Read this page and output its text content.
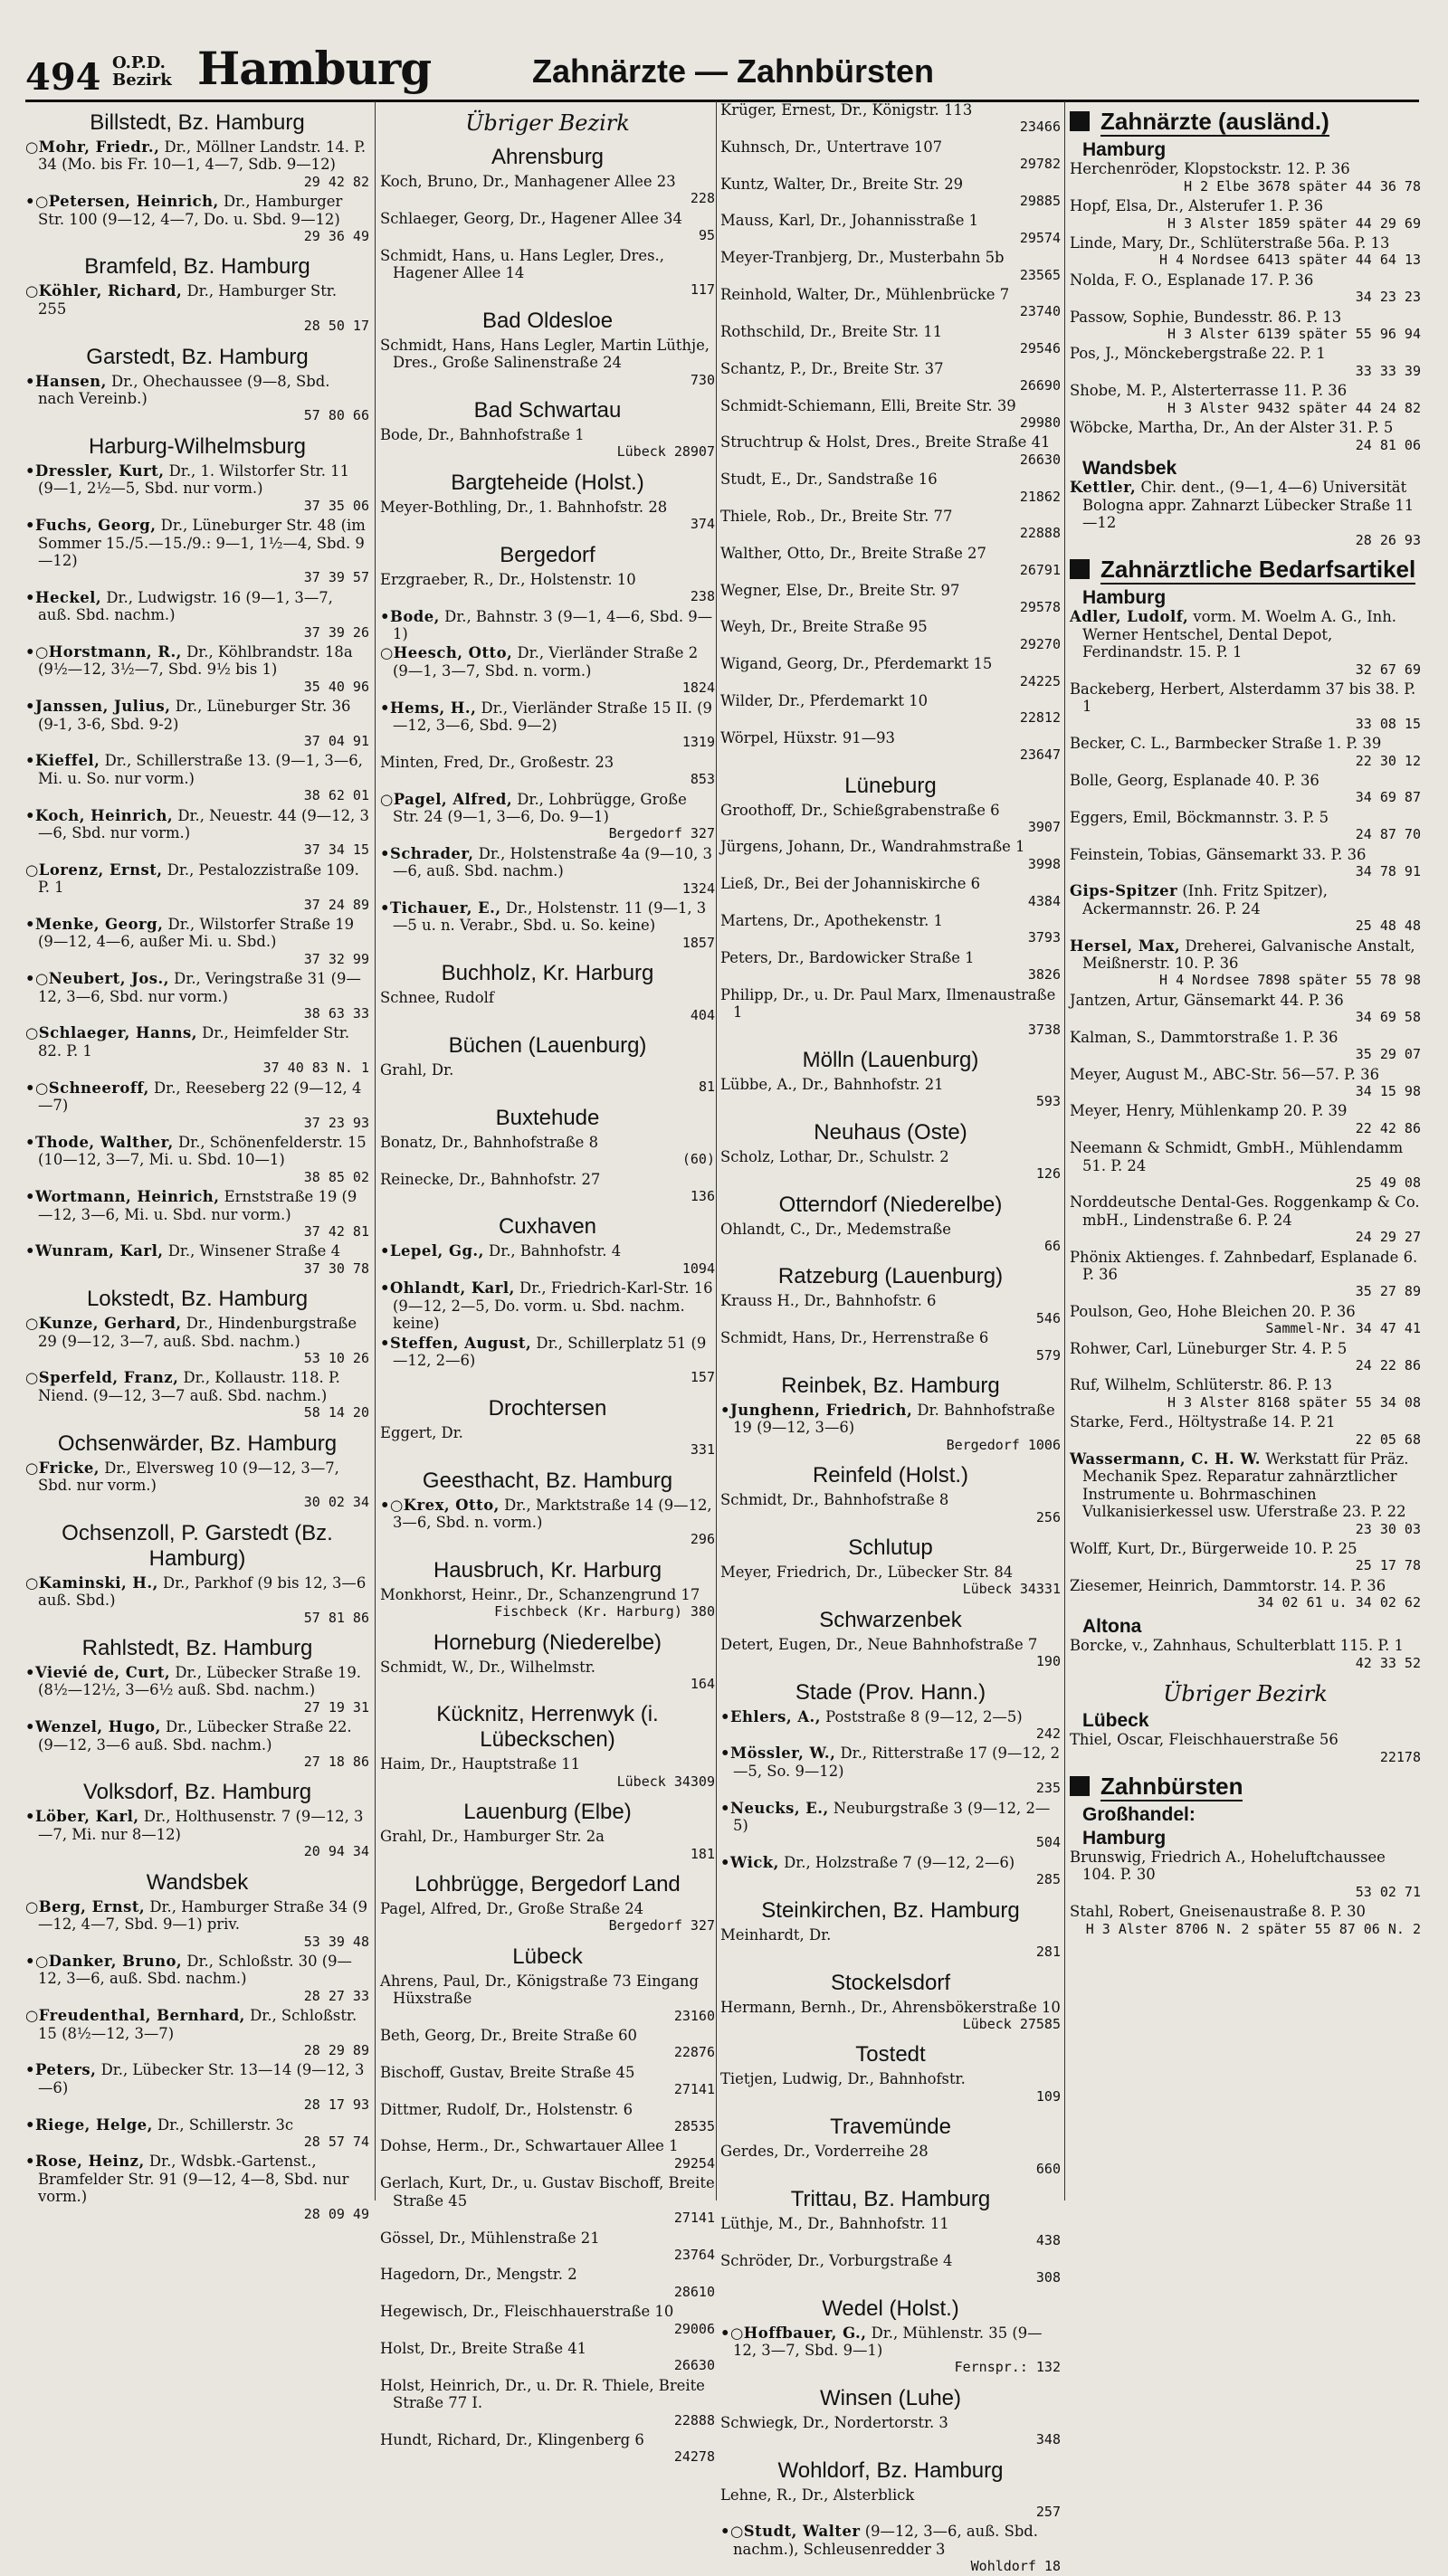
494 O.P.D.
Bezirk Hamburg	Zahnärzte — Zahnbürsten
Billstedt, Bz. Hamburg
○Mohr, Friedr., Dr., Möllner Landstr. 14. P. 34 (Mo. bis Fr. 10—1, 4—7, Sdb. 9—12)
29 42 82
•○Petersen, Heinrich, Dr., Hamburger Str. 100 (9—12, 4—7, Do. u. Sbd. 9—12)
29 36 49
Bramfeld, Bz. Hamburg
○Köhler, Richard, Dr., Hamburger Str. 255
28 50 17
Garstedt, Bz. Hamburg
•Hansen, Dr., Ohechaussee (9—8, Sbd. nach Vereinb.)
57 80 66
Harburg-Wilhelmsburg
•Dressler, Kurt, Dr., 1. Wilstorfer Str. 11 (9—1, 2½—5, Sbd. nur vorm.)
37 35 06
•Fuchs, Georg, Dr., Lüneburger Str. 48 (im Sommer 15./5.—15./9.: 9—1, 1½—4, Sbd. 9—12)
37 39 57
•Heckel, Dr., Ludwigstr. 16 (9—1, 3—7, auß. Sbd. nachm.)
37 39 26
•○Horstmann, R., Dr., Köhlbrandstr. 18a (9½—12, 3½—7, Sbd. 9½ bis 1)
35 40 96
•Janssen, Julius, Dr., Lüneburger Str. 36 (9-1, 3-6, Sbd. 9-2)
37 04 91
•Kieffel, Dr., Schillerstraße 13. (9—1, 3—6, Mi. u. So. nur vorm.)
38 62 01
•Koch, Heinrich, Dr., Neuestr. 44 (9—12, 3—6, Sbd. nur vorm.)
37 34 15
○Lorenz, Ernst, Dr., Pestalozzistraße 109. P. 1
37 24 89
•Menke, Georg, Dr., Wilstorfer Straße 19 (9—12, 4—6, außer Mi. u. Sbd.)
37 32 99
•○Neubert, Jos., Dr., Veringstraße 31 (9—12, 3—6, Sbd. nur vorm.)
38 63 33
○Schlaeger, Hanns, Dr., Heimfelder Str. 82. P. 1
37 40 83 N. 1
•○Schneeroff, Dr., Reeseberg 22 (9—12, 4—7)
37 23 93
•Thode, Walther, Dr., Schönenfelderstr. 15 (10—12, 3—7, Mi. u. Sbd. 10—1)
38 85 02
•Wortmann, Heinrich, Ernststraße 19 (9—12, 3—6, Mi. u. Sbd. nur vorm.)
37 42 81
•Wunram, Karl, Dr., Winsener Straße 4
37 30 78
Lokstedt, Bz. Hamburg
○Kunze, Gerhard, Dr., Hindenburgstraße 29 (9—12, 3—7, auß. Sbd. nachm.)
53 10 26
○Sperfeld, Franz, Dr., Kollaustr. 118. P. Niend. (9—12, 3—7 auß. Sbd. nachm.)
58 14 20
Ochsenwärder, Bz. Hamburg
○Fricke, Dr., Elversweg 10 (9—12, 3—7, Sbd. nur vorm.)
30 02 34
Ochsenzoll, P. Garstedt (Bz. Hamburg)
○Kaminski, H., Dr., Parkhof (9 bis 12, 3—6 auß. Sbd.)
57 81 86
Rahlstedt, Bz. Hamburg
•Vievié de, Curt, Dr., Lübecker Straße 19. (8½—12½, 3—6½ auß. Sbd. nachm.)
27 19 31
•Wenzel, Hugo, Dr., Lübecker Straße 22. (9—12, 3—6 auß. Sbd. nachm.)
27 18 86
Volksdorf, Bz. Hamburg
•Löber, Karl, Dr., Holthusenstr. 7 (9—12, 3—7, Mi. nur 8—12)
20 94 34
Wandsbek
○Berg, Ernst, Dr., Hamburger Straße 34 (9—12, 4—7, Sbd. 9—1) priv.
53 39 48
•○Danker, Bruno, Dr., Schloßstr. 30 (9—12, 3—6, auß. Sbd. nachm.)
28 27 33
○Freudenthal, Bernhard, Dr., Schloßstr. 15 (8½—12, 3—7)
28 29 89
•Peters, Dr., Lübecker Str. 13—14 (9—12, 3—6)
28 17 93
•Riege, Helge, Dr., Schillerstr. 3c
28 57 74
•Rose, Heinz, Dr., Wdsbk.-Gartenst., Bramfelder Str. 91 (9—12, 4—8, Sbd. nur vorm.)
28 09 49
Übriger Bezirk
Ahrensburg
Koch, Bruno, Dr., Manhagener Allee 23
228
Schlaeger, Georg, Dr., Hagener Allee 34
95
Schmidt, Hans, u. Hans Legler, Dres., Hagener Allee 14
117
Bad Oldesloe
Schmidt, Hans, Hans Legler, Martin Lüthje, Dres., Große Salinenstraße 24
730
Bad Schwartau
Bode, Dr., Bahnhofstraße 1
Lübeck 28907
Bargteheide (Holst.)
Meyer-Bothling, Dr., 1. Bahnhofstr. 28
374
Bergedorf
Erzgraeber, R., Dr., Holstenstr. 10
238
•Bode, Dr., Bahnstr. 3 (9—1, 4—6, Sbd. 9—1)
○Heesch, Otto, Dr., Vierländer Straße 2 (9—1, 3—7, Sbd. n. vorm.)
1824
•Hems, H., Dr., Vierländer Straße 15 II. (9—12, 3—6, Sbd. 9—2)
1319
Minten, Fred, Dr., Großestr. 23
853
○Pagel, Alfred, Dr., Lohbrügge, Große Str. 24 (9—1, 3—6, Do. 9—1)
Bergedorf 327
•Schrader, Dr., Holstenstraße 4a (9—10, 3—6, auß. Sbd. nachm.)
1324
•Tichauer, E., Dr., Holstenstr. 11 (9—1, 3—5 u. n. Verabr., Sbd. u. So. keine)
1857
Buchholz, Kr. Harburg
Schnee, Rudolf
404
Büchen (Lauenburg)
Grahl, Dr.
81
Buxtehude
Bonatz, Dr., Bahnhofstraße 8
(60)
Reinecke, Dr., Bahnhofstr. 27
136
Cuxhaven
•Lepel, Gg., Dr., Bahnhofstr. 4
1094
•Ohlandt, Karl, Dr., Friedrich-Karl-Str. 16 (9—12, 2—5, Do. vorm. u. Sbd. nachm. keine)
•Steffen, August, Dr., Schillerplatz 51 (9—12, 2—6)
157
Drochtersen
Eggert, Dr.
331
Geesthacht, Bz. Hamburg
•○Krex, Otto, Dr., Marktstraße 14 (9—12, 3—6, Sbd. n. vorm.)
296
Hausbruch, Kr. Harburg
Monkhorst, Heinr., Dr., Schanzengrund 17
Fischbeck (Kr. Harburg) 380
Horneburg (Niederelbe)
Schmidt, W., Dr., Wilhelmstr.
164
Kücknitz, Herrenwyk (i. Lübeckschen)
Haim, Dr., Hauptstraße 11
Lübeck 34309
Lauenburg (Elbe)
Grahl, Dr., Hamburger Str. 2a
181
Lohbrügge, Bergedorf Land
Pagel, Alfred, Dr., Große Straße 24
Bergedorf 327
Lübeck
Ahrens, Paul, Dr., Königstraße 73 Eingang Hüxstraße
23160
Beth, Georg, Dr., Breite Straße 60
22876
Bischoff, Gustav, Breite Straße 45
27141
Dittmer, Rudolf, Dr., Holstenstr. 6
28535
Dohse, Herm., Dr., Schwartauer Allee 1
29254
Gerlach, Kurt, Dr., u. Gustav Bischoff, Breite Straße 45
27141
Gössel, Dr., Mühlenstraße 21
23764
Hagedorn, Dr., Mengstr. 2
28610
Hegewisch, Dr., Fleischhauerstraße 10
29006
Holst, Dr., Breite Straße 41
26630
Holst, Heinrich, Dr., u. Dr. R. Thiele, Breite Straße 77 I.
22888
Hundt, Richard, Dr., Klingenberg 6
24278
Krüger, Ernest, Dr., Königstr. 113
23466
Kuhnsch, Dr., Untertrave 107
29782
Kuntz, Walter, Dr., Breite Str. 29
29885
Mauss, Karl, Dr., Johannisstraße 1
29574
Meyer-Tranbjerg, Dr., Musterbahn 5b
23565
Reinhold, Walter, Dr., Mühlenbrücke 7
23740
Rothschild, Dr., Breite Str. 11
29546
Schantz, P., Dr., Breite Str. 37
26690
Schmidt-Schiemann, Elli, Breite Str. 39
29980
Struchtrup & Holst, Dres., Breite Straße 41
26630
Studt, E., Dr., Sandstraße 16
21862
Thiele, Rob., Dr., Breite Str. 77
22888
Walther, Otto, Dr., Breite Straße 27
26791
Wegner, Else, Dr., Breite Str. 97
29578
Weyh, Dr., Breite Straße 95
29270
Wigand, Georg, Dr., Pferdemarkt 15
24225
Wilder, Dr., Pferdemarkt 10
22812
Wörpel, Hüxstr. 91—93
23647
Lüneburg
Groothoff, Dr., Schießgrabenstraße 6
3907
Jürgens, Johann, Dr., Wandrahmstraße 1
3998
Ließ, Dr., Bei der Johanniskirche 6
4384
Martens, Dr., Apothekenstr. 1
3793
Peters, Dr., Bardowicker Straße 1
3826
Philipp, Dr., u. Dr. Paul Marx, Ilmenaustraße 1
3738
Mölln (Lauenburg)
Lübbe, A., Dr., Bahnhofstr. 21
593
Neuhaus (Oste)
Scholz, Lothar, Dr., Schulstr. 2
126
Otterndorf (Niederelbe)
Ohlandt, C., Dr., Medemstraße
66
Ratzeburg (Lauenburg)
Krauss H., Dr., Bahnhofstr. 6
546
Schmidt, Hans, Dr., Herrenstraße 6
579
Reinbek, Bz. Hamburg
•Junghenn, Friedrich, Dr. Bahnhofstraße 19 (9—12, 3—6)
Bergedorf 1006
Reinfeld (Holst.)
Schmidt, Dr., Bahnhofstraße 8
256
Schlutup
Meyer, Friedrich, Dr., Lübecker Str. 84
Lübeck 34331
Schwarzenbek
Detert, Eugen, Dr., Neue Bahnhofstraße 7
190
Stade (Prov. Hann.)
•Ehlers, A., Poststraße 8 (9—12, 2—5)
242
•Mössler, W., Dr., Ritterstraße 17 (9—12, 2—5, So. 9—12)
235
•Neucks, E., Neuburgstraße 3 (9—12, 2—5)
504
•Wick, Dr., Holzstraße 7 (9—12, 2—6)
285
Steinkirchen, Bz. Hamburg
Meinhardt, Dr.
281
Stockelsdorf
Hermann, Bernh., Dr., Ahrensbökerstraße 10
Lübeck 27585
Tostedt
Tietjen, Ludwig, Dr., Bahnhofstr.
109
Travemünde
Gerdes, Dr., Vorderreihe 28
660
Trittau, Bz. Hamburg
Lüthje, M., Dr., Bahnhofstr. 11
438
Schröder, Dr., Vorburgstraße 4
308
Wedel (Holst.)
•○Hoffbauer, G., Dr., Mühlenstr. 35 (9—12, 3—7, Sbd. 9—1)
Fernspr.: 132
Winsen (Luhe)
Schwiegk, Dr., Nordertorstr. 3
348
Wohldorf, Bz. Hamburg
Lehne, R., Dr., Alsterblick
257
•○Studt, Walter (9—12, 3—6, auß. Sbd. nachm.), Schleusenredder 3
Wohldorf 18
Zahnärzte (ausländ.)
Hamburg
Herchenröder, Klopstockstr. 12. P. 36
H 2 Elbe 3678 später 44 36 78
Hopf, Elsa, Dr., Alsterufer 1. P. 36
H 3 Alster 1859 später 44 29 69
Linde, Mary, Dr., Schlüterstraße 56a. P. 13
H 4 Nordsee 6413 später 44 64 13
Nolda, F. O., Esplanade 17. P. 36
34 23 23
Passow, Sophie, Bundesstr. 86. P. 13
H 3 Alster 6139 später 55 96 94
Pos, J., Mönckebergstraße 22. P. 1
33 33 39
Shobe, M. P., Alsterterrasse 11. P. 36
H 3 Alster 9432 später 44 24 82
Wöbcke, Martha, Dr., An der Alster 31. P. 5
24 81 06
Wandsbek
Kettler, Chir. dent., (9—1, 4—6) Universität Bologna appr. Zahnarzt Lübecker Straße 11—12
28 26 93
Zahnärztliche Bedarfsartikel
Hamburg
Adler, Ludolf, vorm. M. Woelm A. G., Inh. Werner Hentschel, Dental Depot, Ferdinandstr. 15. P. 1
32 67 69
Backeberg, Herbert, Alsterdamm 37 bis 38. P. 1
33 08 15
Becker, C. L., Barmbecker Straße 1. P. 39
22 30 12
Bolle, Georg, Esplanade 40. P. 36
34 69 87
Eggers, Emil, Böckmannstr. 3. P. 5
24 87 70
Feinstein, Tobias, Gänsemarkt 33. P. 36
34 78 91
Gips-Spitzer (Inh. Fritz Spitzer), Ackermannstr. 26. P. 24
25 48 48
Hersel, Max, Dreherei, Galvanische Anstalt, Meißnerstr. 10. P. 36
H 4 Nordsee 7898 später 55 78 98
Jantzen, Artur, Gänsemarkt 44. P. 36
34 69 58
Kalman, S., Dammtorstraße 1. P. 36
35 29 07
Meyer, August M., ABC-Str. 56—57. P. 36
34 15 98
Meyer, Henry, Mühlenkamp 20. P. 39
22 42 86
Neemann & Schmidt, GmbH., Mühlendamm 51. P. 24
25 49 08
Norddeutsche Dental-Ges. Roggenkamp & Co. mbH., Lindenstraße 6. P. 24
24 29 27
Phönix Aktienges. f. Zahnbedarf, Esplanade 6. P. 36
35 27 89
Poulson, Geo, Hohe Bleichen 20. P. 36
Sammel-Nr. 34 47 41
Rohwer, Carl, Lüneburger Str. 4. P. 5
24 22 86
Ruf, Wilhelm, Schlüterstr. 86. P. 13
H 3 Alster 8168 später 55 34 08
Starke, Ferd., Höltystraße 14. P. 21
22 05 68
Wassermann, C. H. W. Werkstatt für Präz. Mechanik Spez. Reparatur zahnärztlicher Instrumente u. Bohrmaschinen Vulkanisierkessel usw. Uferstraße 23. P. 22
23 30 03
Wolff, Kurt, Dr., Bürgerweide 10. P. 25
25 17 78
Ziesemer, Heinrich, Dammtorstr. 14. P. 36
34 02 61 u. 34 02 62
Altona
Borcke, v., Zahnhaus, Schulterblatt 115. P. 1
42 33 52
Übriger Bezirk
Lübeck
Thiel, Oscar, Fleischhauerstraße 56
22178
Zahnbürsten
Großhandel:
Hamburg
Brunswig, Friedrich A., Hoheluftchaussee 104. P. 30
53 02 71
Stahl, Robert, Gneisenaustraße 8. P. 30
H 3 Alster 8706 N. 2 später 55 87 06 N. 2
